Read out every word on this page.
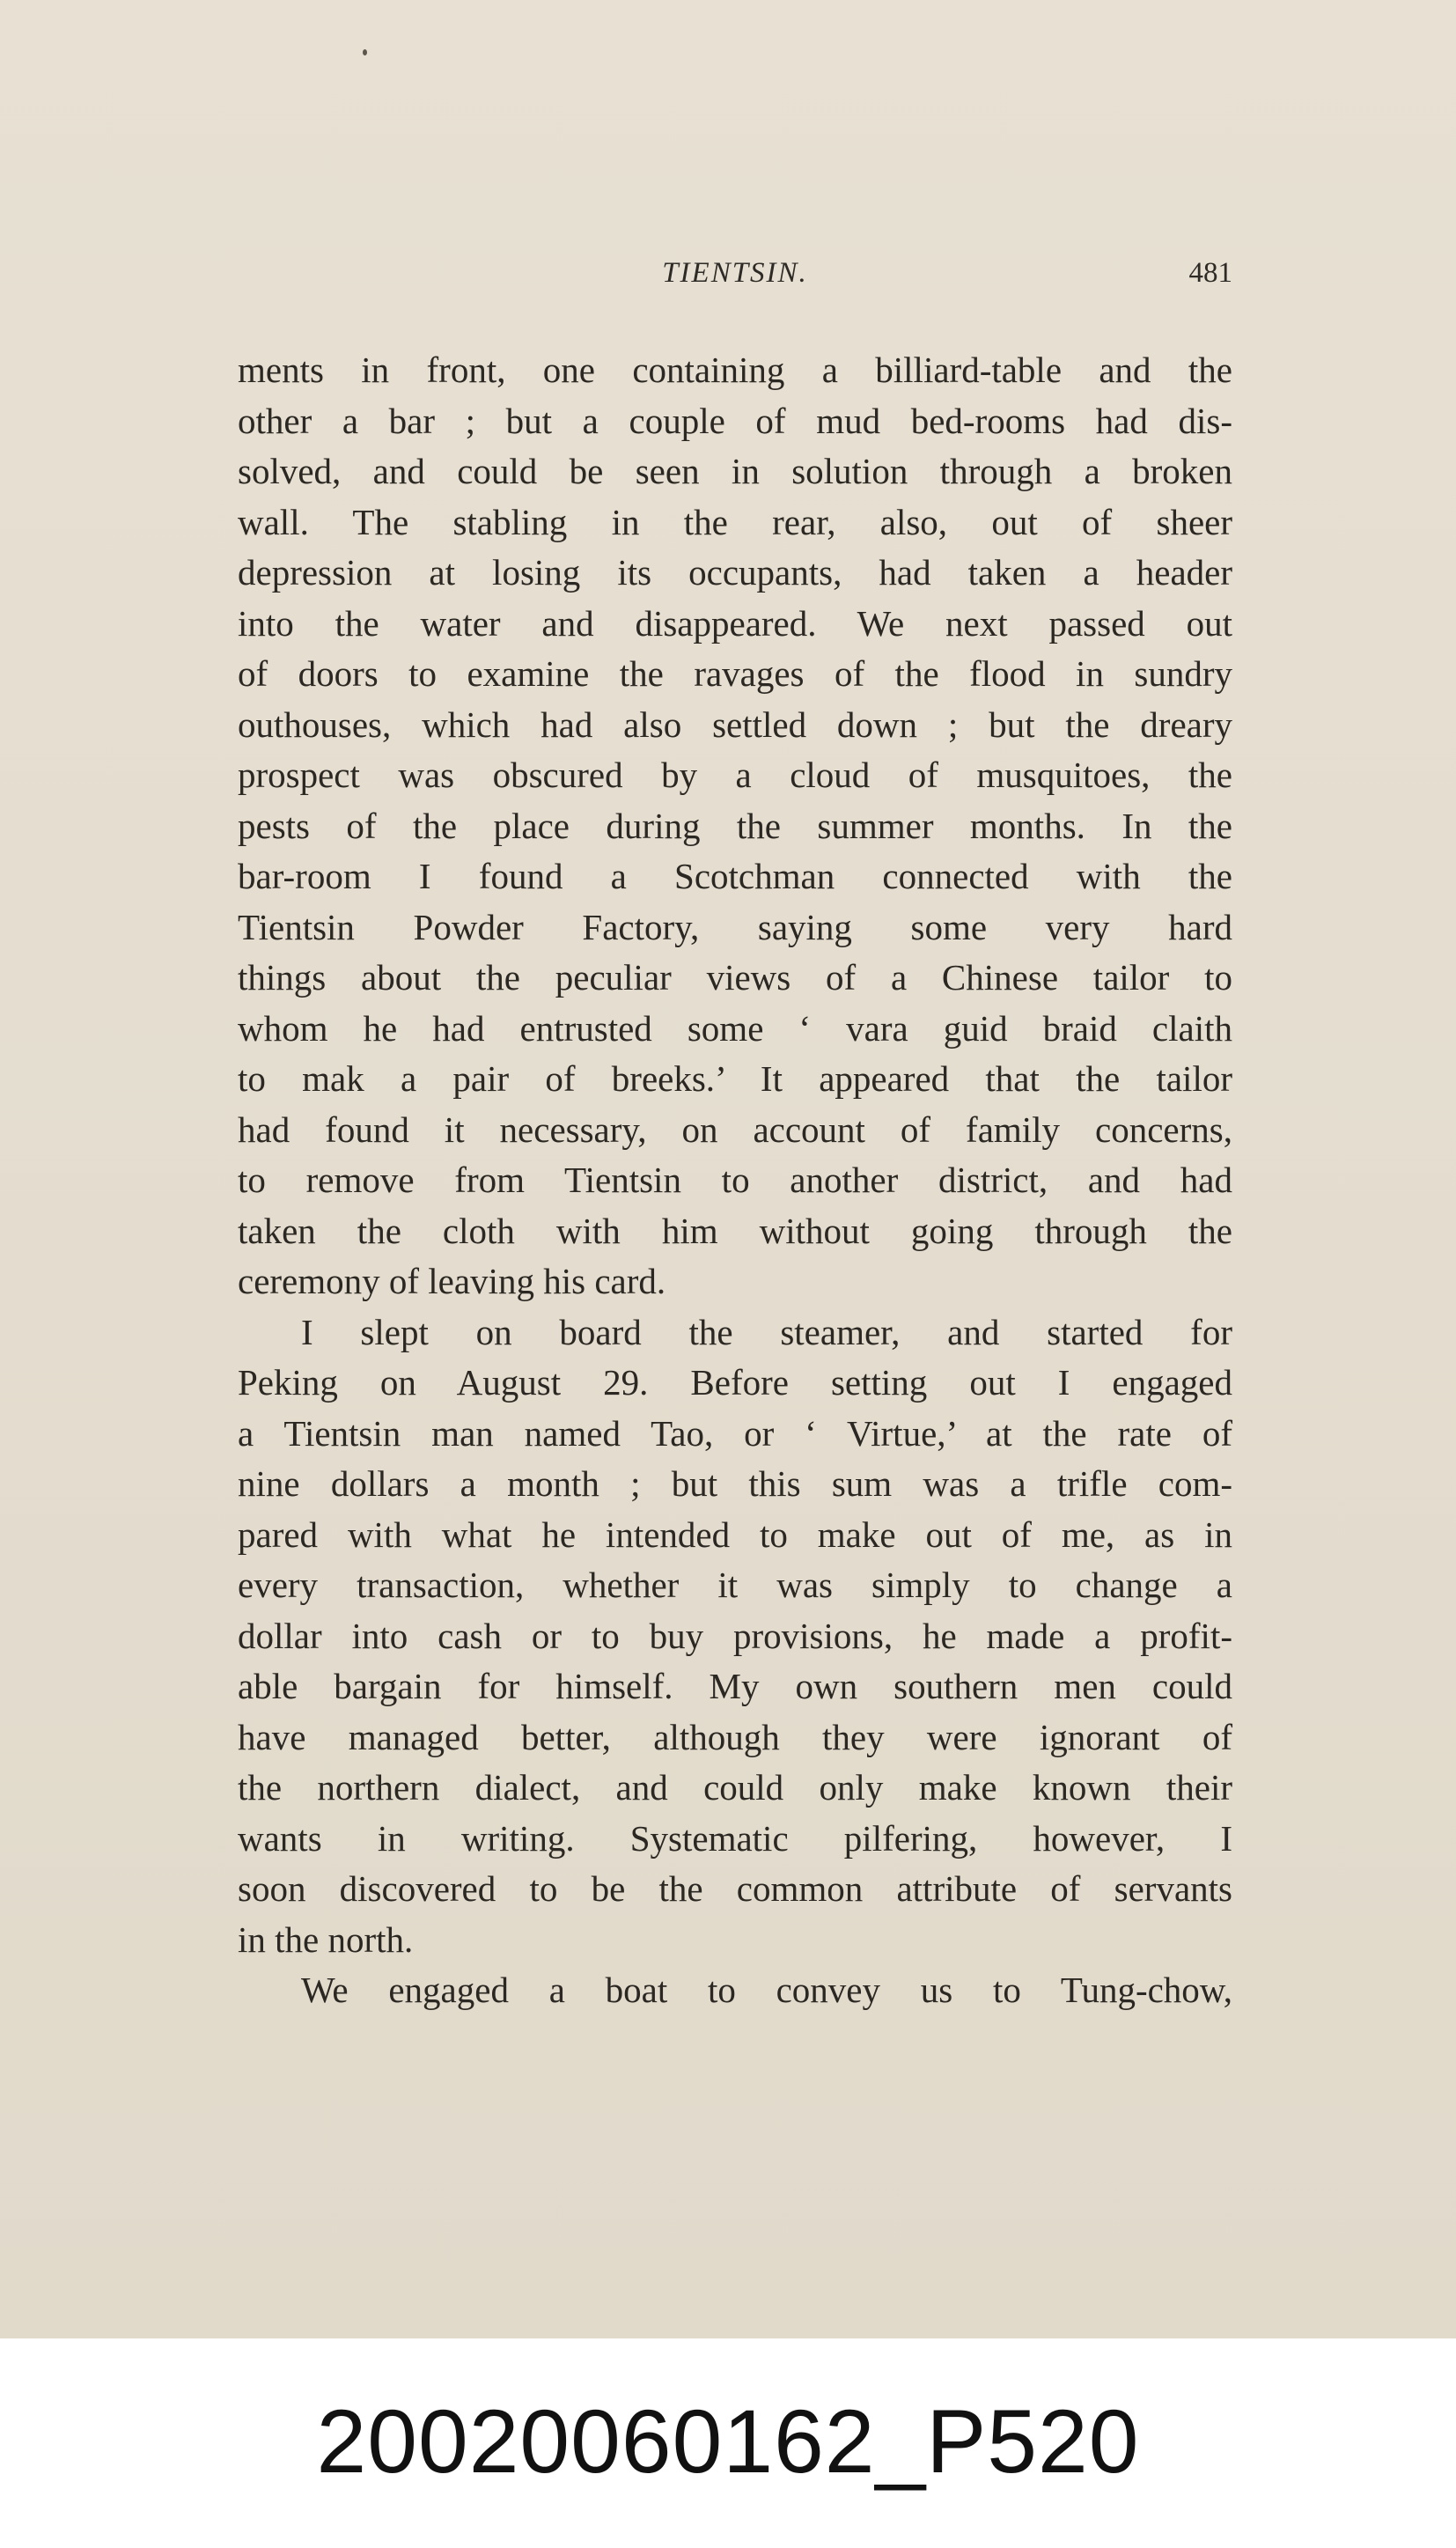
TIENTSIN.	481
ments in front, one containing a billiard-table and the
other a bar ; but a couple of mud bed-rooms had dis-
solved, and could be seen in solution through a broken
wall. The stabling in the rear, also, out of sheer
depression at losing its occupants, had taken a header
into the water and disappeared. We next passed out
of doors to examine the ravages of the flood in sundry
outhouses, which had also settled down ; but the dreary
prospect was obscured by a cloud of musquitoes, the
pests of the place during the summer months. In the
bar-room I found a Scotchman connected with the
Tientsin Powder Factory, saying some very hard
things about the peculiar views of a Chinese tailor to
whom he had entrusted some ‘ vara guid braid claith
to mak a pair of breeks.’ It appeared that the tailor
had found it necessary, on account of family concerns,
to remove from Tientsin to another district, and had
taken the cloth with him without going through the
ceremony of leaving his card.
I slept on board the steamer, and started for
Peking on August 29. Before setting out I engaged
a Tientsin man named Tao, or ‘ Virtue,’ at the rate of
nine dollars a month ; but this sum was a trifle com-
pared with what he intended to make out of me, as in
every transaction, whether it was simply to change a
dollar into cash or to buy provisions, he made a profit-
able bargain for himself. My own southern men could
have managed better, although they were ignorant of
the northern dialect, and could only make known their
wants in writing. Systematic pilfering, however, I
soon discovered to be the common attribute of servants
in the north.
We engaged a boat to convey us to Tung-chow,
20020060162_P520
